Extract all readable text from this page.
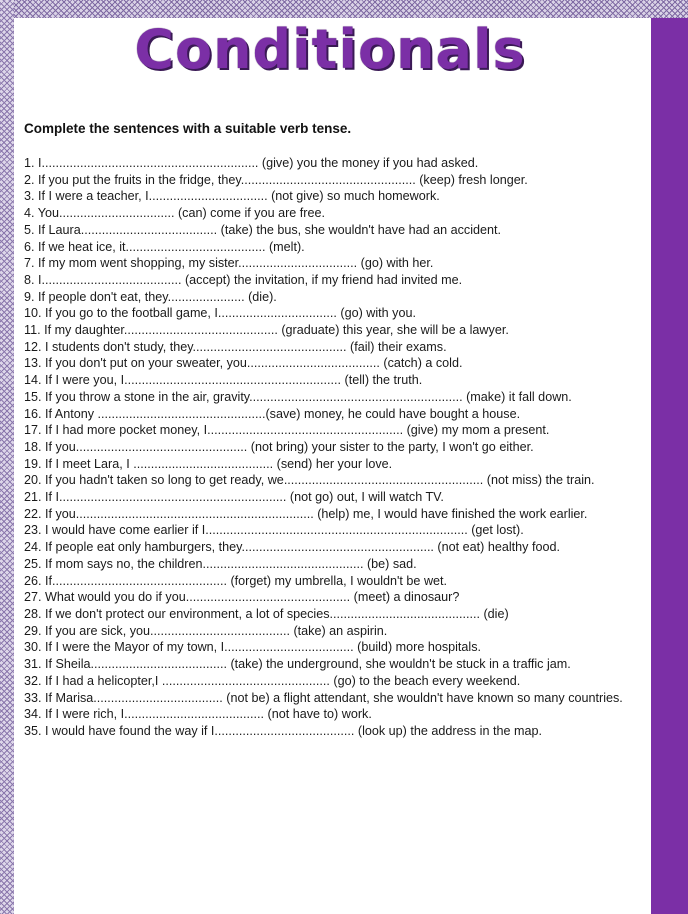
Conditionals
Complete the sentences with a suitable verb tense.
1. I.............................................................. (give) you the money if you had asked.
2. If you put the fruits in the fridge, they.................................................. (keep) fresh longer.
3. If I were a teacher, I.................................. (not give) so much homework.
4. You................................. (can) come if you are free.
5. If Laura....................................... (take) the bus, she wouldn't have had an accident.
6. If we heat ice, it........................................ (melt).
7. If my mom went shopping, my sister.................................. (go) with her.
8. I........................................ (accept) the invitation, if my friend had invited me.
9. If people don't eat, they...................... (die).
10. If you go to the football game, I.................................. (go) with you.
11. If my daughter............................................ (graduate) this year, she will be a lawyer.
12. I students don't study, they............................................ (fail) their exams.
13. If you don't put on your sweater, you...................................... (catch) a cold.
14. If I were you, I.............................................................. (tell) the truth.
15. If you throw a stone in the air, gravity............................................................. (make) it fall down.
16. If Antony ................................................(save) money, he could have bought a house.
17. If I had more pocket money, I........................................................ (give) my mom a present.
18. If you................................................. (not bring) your sister to the party, I won't go either.
19. If I meet Lara, I ........................................ (send) her your love.
20. If you hadn't taken so long to get ready, we......................................................... (not miss) the train.
21. If I................................................................. (not go) out, I will watch TV.
22. If you.................................................................... (help) me, I would have finished the work earlier.
23. I would have come earlier if I........................................................................... (get lost).
24. If people eat only hamburgers, they....................................................... (not eat) healthy food.
25. If mom says no, the children.............................................. (be) sad.
26. If.................................................. (forget) my umbrella, I wouldn't be wet.
27. What would you do if you............................................... (meet) a dinosaur?
28. If we don't protect our environment, a lot of species........................................... (die)
29. If you are sick, you........................................ (take) an aspirin.
30. If I were the Mayor of my town, I..................................... (build) more hospitals.
31. If Sheila....................................... (take) the underground, she wouldn't be stuck in a traffic jam.
32. If I had a helicopter,I ................................................ (go) to the beach every weekend.
33. If Marisa..................................... (not be) a flight attendant, she wouldn't have known so many countries.
34. If I were rich, I........................................ (not have to) work.
35. I would have found the way if I........................................ (look up) the address in the map.
